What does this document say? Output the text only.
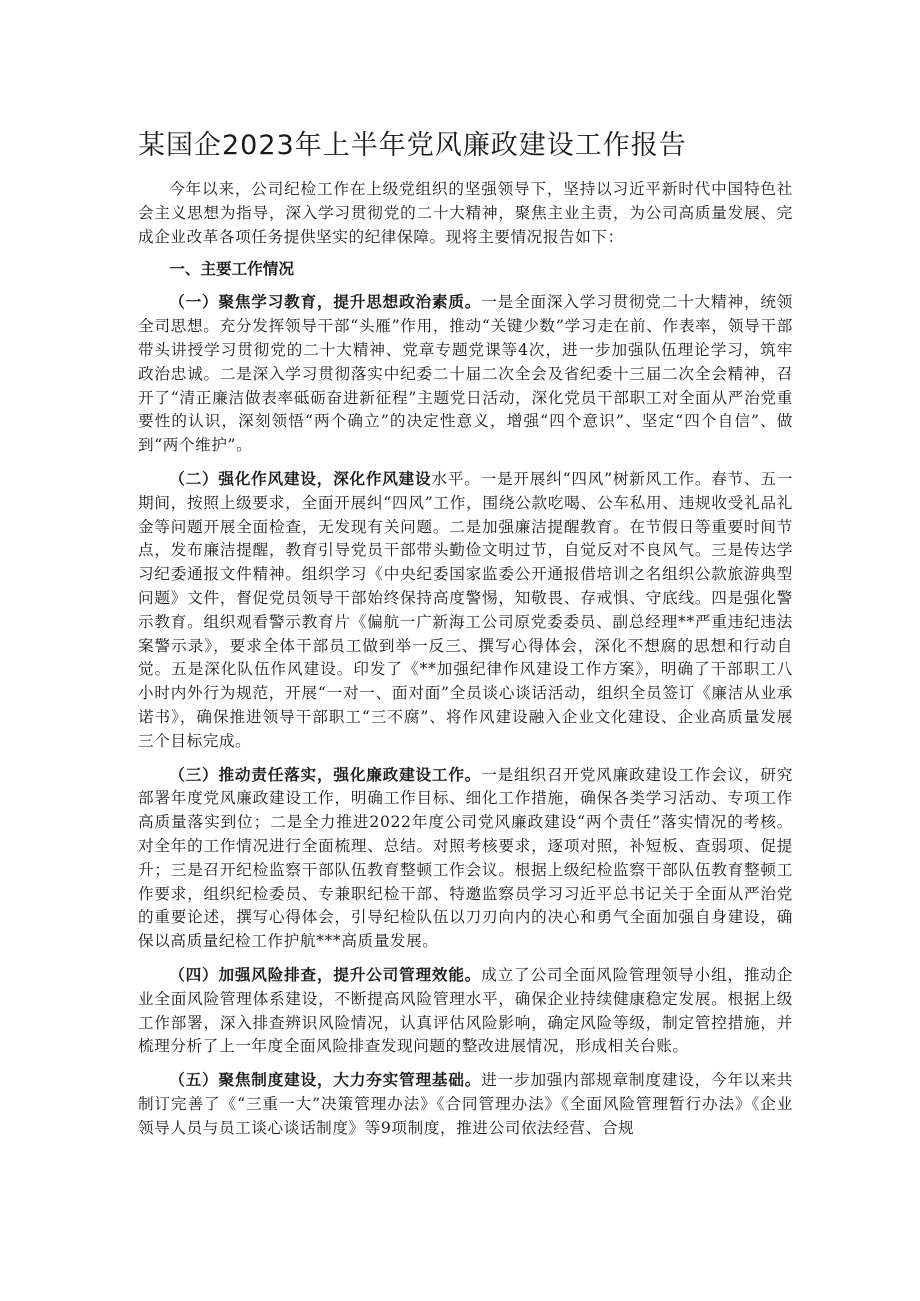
某国企2023年上半年党风廉政建设工作报告

今年以来，公司纪检工作在上级党组织的坚强领导下，坚持以习近平新时代中国特色社会主义思想为指导，深入学习贯彻党的二十大精神，聚焦主业主责，为公司高质量发展、完成企业改革各项任务提供坚实的纪律保障。现将主要情况报告如下：

一、主要工作情况

（一）聚焦学习教育，提升思想政治素质。一是全面深入学习贯彻党二十大精神，统领全司思想。充分发挥领导干部“头雁”作用，推动“关键少数”学习走在前、作表率，领导干部带头讲授学习贯彻党的二十大精神、党章专题党课等4次，进一步加强队伍理论学习，筑牢政治忠诚。二是深入学习贯彻落实中纪委二十届二次全会及省纪委十三届二次全会精神，召开了“清正廉洁做表率砥砺奋进新征程”主题党日活动，深化党员干部职工对全面从严治党重要性的认识，深刻领悟“两个确立”的决定性意义，增强“四个意识”、坚定“四个自信”、做到“两个维护”。

（二）强化作风建设，深化作风建设水平。一是开展纠“四风”树新风工作。春节、五一期间，按照上级要求，全面开展纠“四风”工作，围绕公款吃喝、公车私用、违规收受礼品礼金等问题开展全面检查，无发现有关问题。二是加强廉洁提醒教育。在节假日等重要时间节点，发布廉洁提醒，教育引导党员干部带头勤俭文明过节，自觉反对不良风气。三是传达学习纪委通报文件精神。组织学习《中央纪委国家监委公开通报借培训之名组织公款旅游典型问题》文件，督促党员领导干部始终保持高度警惕，知敬畏、存戒惧、守底线。四是强化警示教育。组织观看警示教育片《偏航一广新海工公司原党委委员、副总经理**严重违纪违法案警示录》，要求全体干部员工做到举一反三、撰写心得体会，深化不想腐的思想和行动自觉。五是深化队伍作风建设。印发了《**加强纪律作风建设工作方案》，明确了干部职工八小时内外行为规范，开展“一对一、面对面”全员谈心谈话活动，组织全员签订《廉洁从业承诺书》，确保推进领导干部职工“三不腐”、将作风建设融入企业文化建设、企业高质量发展三个目标完成。

（三）推动责任落实，强化廉政建设工作。一是组织召开党风廉政建设工作会议，研究部署年度党风廉政建设工作，明确工作目标、细化工作措施，确保各类学习活动、专项工作高质量落实到位；二是全力推进2022年度公司党风廉政建设“两个责任”落实情况的考核。对全年的工作情况进行全面梳理、总结。对照考核要求，逐项对照，补短板、查弱项、促提升；三是召开纪检监察干部队伍教育整顿工作会议。根据上级纪检监察干部队伍教育整顿工作要求，组织纪检委员、专兼职纪检干部、特邀监察员学习习近平总书记关于全面从严治党的重要论述，撰写心得体会，引导纪检队伍以刀刃向内的决心和勇气全面加强自身建设，确保以高质量纪检工作护航***高质量发展。

（四）加强风险排查，提升公司管理效能。成立了公司全面风险管理领导小组，推动企业全面风险管理体系建设，不断提高风险管理水平，确保企业持续健康稳定发展。根据上级工作部署，深入排查辨识风险情况，认真评估风险影响，确定风险等级，制定管控措施，并梳理分析了上一年度全面风险排查发现问题的整改进展情况，形成相关台账。

（五）聚焦制度建设，大力夯实管理基础。进一步加强内部规章制度建设，今年以来共制订完善了《“三重一大”决策管理办法》《合同管理办法》《全面风险管理暂行办法》《企业领导人员与员工谈心谈话制度》等9项制度，推进公司依法经营、合规
